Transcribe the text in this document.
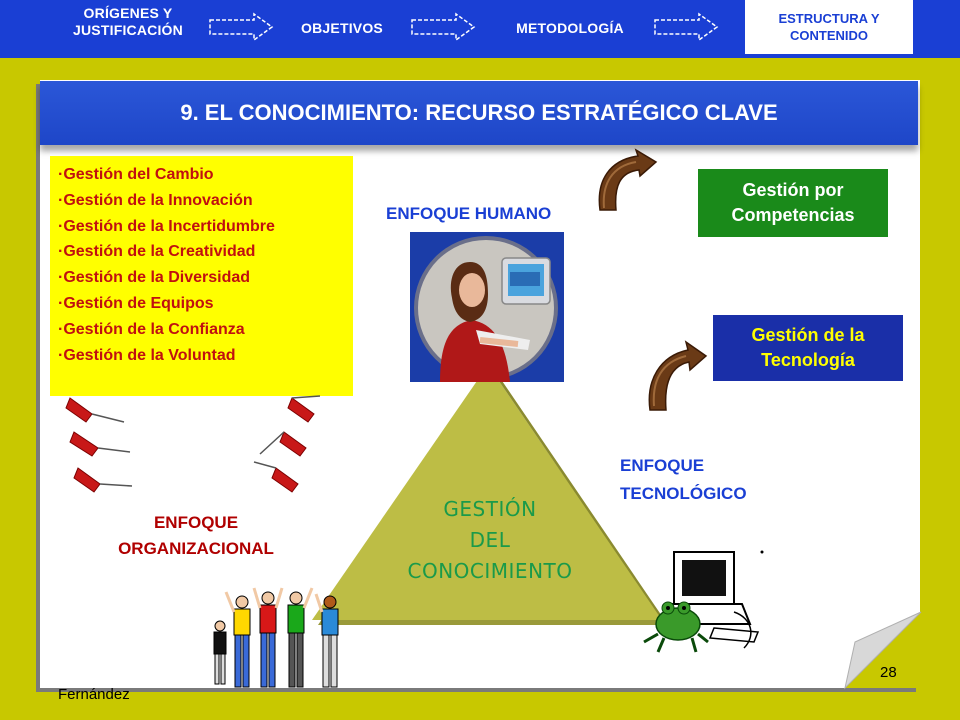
ORÍGENES Y
JUSTIFICACIÓN	OBJETIVOS	METODOLOGÍA
ESTRUCTURA Y
CONTENIDO
9. EL CONOCIMIENTO: RECURSO ESTRATÉGICO CLAVE
·Gestión del Cambio
·Gestión de la Innovación
·Gestión de la Incertidumbre
·Gestión de la Creatividad
·Gestión de la Diversidad
·Gestión de Equipos
·Gestión de la Confianza
·Gestión de la Voluntad
ENFOQUE HUMANO
Gestión por
Competencias
Gestión de la
Tecnología
ENFOQUE
TECNOLÓGICO
ENFOQUE
ORGANIZACIONAL
GESTIÓN
DEL
CONOCIMIENTO
28
Fernández
